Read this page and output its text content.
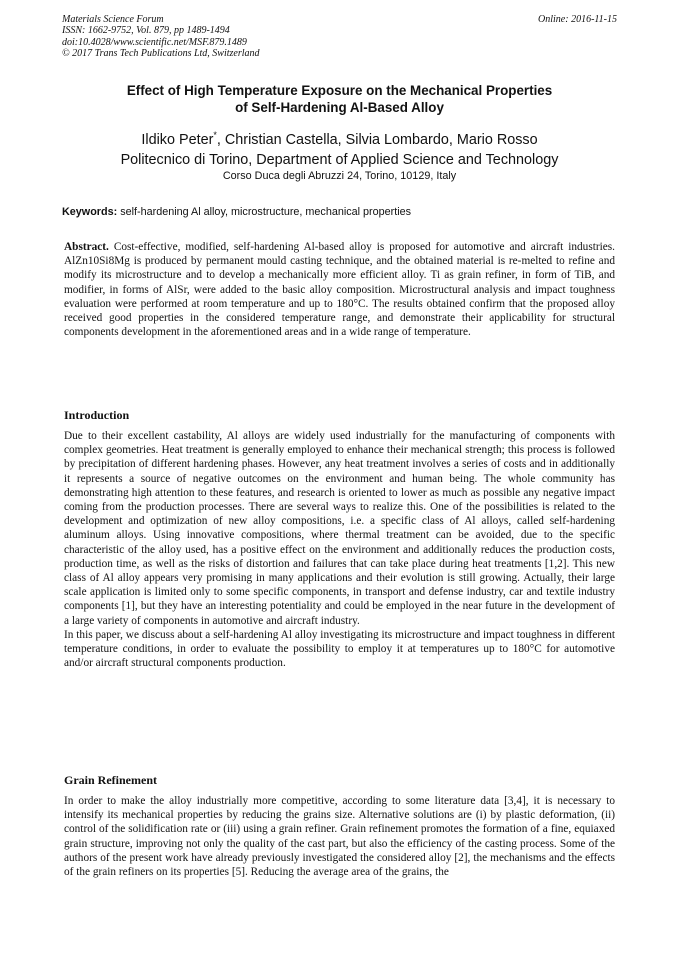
Materials Science Forum
ISSN: 1662-9752, Vol. 879, pp 1489-1494
doi:10.4028/www.scientific.net/MSF.879.1489
© 2017 Trans Tech Publications Ltd, Switzerland
Online: 2016-11-15
Effect of High Temperature Exposure on the Mechanical Properties
of Self-Hardening Al-Based Alloy
Ildiko Peter*, Christian Castella, Silvia Lombardo, Mario Rosso
Politecnico di Torino, Department of Applied Science and Technology
Corso Duca degli Abruzzi 24, Torino, 10129, Italy
Keywords: self-hardening Al alloy, microstructure, mechanical properties

Abstract. Cost-effective, modified, self-hardening Al-based alloy is proposed for automotive and aircraft industries. AlZn10Si8Mg is produced by permanent mould casting technique, and the obtained material is re-melted to refine and modify its microstructure and to develop a mechanically more efficient alloy. Ti as grain refiner, in form of TiB, and modifier, in forms of AlSr, were added to the basic alloy composition. Microstructural analysis and impact toughness evaluation were performed at room temperature and up to 180°C. The results obtained confirm that the proposed alloy received good properties in the considered temperature range, and demonstrate their applicability for structural components development in the aforementioned areas and in a wide range of temperature.

Introduction

Due to their excellent castability, Al alloys are widely used industrially for the manufacturing of components with complex geometries. Heat treatment is generally employed to enhance their mechanical strength; this process is followed by precipitation of different hardening phases. However, any heat treatment involves a series of costs and in additionally it represents a source of negative outcomes on the environment and human being. The whole community has demonstrating high attention to these features, and research is oriented to lower as much as possible any negative impact coming from the production processes. There are several ways to realize this. One of the possibilities is related to the development and optimization of new alloy compositions, i.e. a specific class of Al alloys, called self-hardening aluminum alloys. Using innovative compositions, where thermal treatment can be avoided, due to the specific characteristic of the alloy used, has a positive effect on the environment and additionally reduces the production costs, production time, as well as the risks of distortion and failures that can take place during heat treatments [1,2]. This new class of Al alloy appears very promising in many applications and their evolution is still growing. Actually, their large scale application is limited only to some specific components, in transport and defense industry, car and textile industry components [1], but they have an interesting potentiality and could be employed in the near future in the development of a large variety of components in automotive and aircraft industry.

In this paper, we discuss about a self-hardening Al alloy investigating its microstructure and impact toughness in different temperature conditions, in order to evaluate the possibility to employ it at temperatures up to 180°C for automotive and/or aircraft structural components production.

Grain Refinement

In order to make the alloy industrially more competitive, according to some literature data [3,4], it is necessary to intensify its mechanical properties by reducing the grains size. Alternative solutions are (i) by plastic deformation, (ii) control of the solidification rate or (iii) using a grain refiner. Grain refinement promotes the formation of a fine, equiaxed grain structure, improving not only the quality of the cast part, but also the efficiency of the casting process. Some of the authors of the present work have already previously investigated the considered alloy [2], the mechanisms and the effects of the grain refiners on its properties [5]. Reducing the average area of the grains, the
